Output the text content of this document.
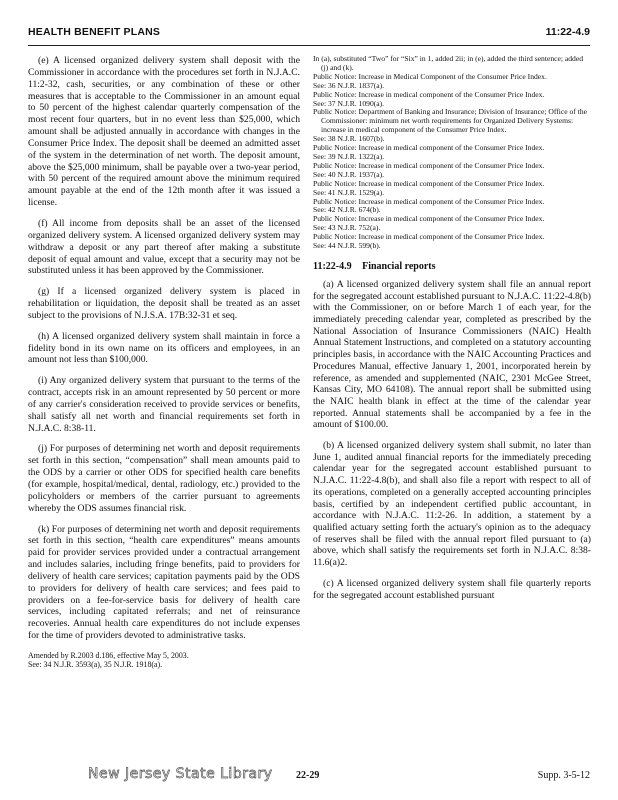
HEALTH BENEFIT PLANS	11:22-4.9

(e) A licensed organized delivery system shall deposit with the Commissioner in accordance with the procedures set forth in N.J.A.C. 11:2-32, cash, securities, or any combination of these or other measures that is acceptable to the Commissioner in an amount equal to 50 percent of the highest calendar quarterly compensation of the most recent four quarters, but in no event less than $25,000, which amount shall be adjusted annually in accordance with changes in the Consumer Price Index. The deposit shall be deemed an admitted asset of the system in the determination of net worth. The deposit amount, above the $25,000 minimum, shall be payable over a two-year period, with 50 percent of the required amount above the minimum required amount payable at the end of the 12th month after it was issued a license.

(f) All income from deposits shall be an asset of the licensed organized delivery system. A licensed organized delivery system may withdraw a deposit or any part thereof after making a substitute deposit of equal amount and value, except that a security may not be substituted unless it has been approved by the Commissioner.

(g) If a licensed organized delivery system is placed in rehabilitation or liquidation, the deposit shall be treated as an asset subject to the provisions of N.J.S.A. 17B:32-31 et seq.

(h) A licensed organized delivery system shall maintain in force a fidelity bond in its own name on its officers and employees, in an amount not less than $100,000.

(i) Any organized delivery system that pursuant to the terms of the contract, accepts risk in an amount represented by 50 percent or more of any carrier's consideration received to provide services or benefits, shall satisfy all net worth and financial requirements set forth in N.J.A.C. 8:38-11.

(j) For purposes of determining net worth and deposit requirements set forth in this section, “compensation” shall mean amounts paid to the ODS by a carrier or other ODS for specified health care benefits (for example, hospital/medical, dental, radiology, etc.) provided to the policyholders or members of the carrier pursuant to agreements whereby the ODS assumes financial risk.

(k) For purposes of determining net worth and deposit requirements set forth in this section, “health care expenditures” means amounts paid for provider services provided under a contractual arrangement and includes salaries, including fringe benefits, paid to providers for delivery of health care services; capitation payments paid by the ODS to providers for delivery of health care services; and fees paid to providers on a fee-for-service basis for delivery of health care services, including capitated referrals; and net of reinsurance recoveries. Annual health care expenditures do not include expenses for the time of providers devoted to administrative tasks.

Amended by R.2003 d.186, effective May 5, 2003.

See: 34 N.J.R. 3593(a), 35 N.J.R. 1918(a).

In (a), substituted “Two” for “Six” in 1, added 2ii; in (e), added the third sentence; added (j) and (k).

Public Notice: Increase in Medical Component of the Consumer Price Index.

See: 36 N.J.R. 1837(a).

Public Notice: Increase in medical component of the Consumer Price Index.

See: 37 N.J.R. 1090(a).

Public Notice: Department of Banking and Insurance; Division of Insurance; Office of the Commissioner: minimum net worth requirements for Organized Delivery Systems: increase in medical component of the Consumer Price Index.

See: 38 N.J.R. 1607(b).

Public Notice: Increase in medical component of the Consumer Price Index.

See: 39 N.J.R. 1322(a).

Public Notice: Increase in medical component of the Consumer Price Index.

See: 40 N.J.R. 1937(a).

Public Notice: Increase in medical component of the Consumer Price Index.

See: 41 N.J.R. 1529(a).

Public Notice: Increase in medical component of the Consumer Price Index.

See: 42 N.J.R. 674(b).

Public Notice: Increase in medical component of the Consumer Price Index.

See: 43 N.J.R. 752(a).

Public Notice: Increase in medical component of the Consumer Price Index.

See: 44 N.J.R. 599(b).

11:22-4.9 Financial reports

(a) A licensed organized delivery system shall file an annual report for the segregated account established pursuant to N.J.A.C. 11:22-4.8(b) with the Commissioner, on or before March 1 of each year, for the immediately preceding calendar year, completed as prescribed by the National Association of Insurance Commissioners (NAIC) Health Annual Statement Instructions, and completed on a statutory accounting principles basis, in accordance with the NAIC Accounting Practices and Procedures Manual, effective January 1, 2001, incorporated herein by reference, as amended and supplemented (NAIC, 2301 McGee Street, Kansas City, MO 64108). The annual report shall be submitted using the NAIC health blank in effect at the time of the calendar year reported. Annual statements shall be accompanied by a fee in the amount of $100.00.

(b) A licensed organized delivery system shall submit, no later than June 1, audited annual financial reports for the immediately preceding calendar year for the segregated account established pursuant to N.J.A.C. 11:22-4.8(b), and shall also file a report with respect to all of its operations, completed on a generally accepted accounting principles basis, certified by an independent certified public accountant, in accordance with N.J.A.C. 11:2-26. In addition, a statement by a qualified actuary setting forth the actuary's opinion as to the adequacy of reserves shall be filed with the annual report filed pursuant to (a) above, which shall satisfy the requirements set forth in N.J.A.C. 8:38-11.6(a)2.

(c) A licensed organized delivery system shall file quarterly reports for the segregated account established pursuant

New Jersey State Library 22-29	Supp. 3-5-12
